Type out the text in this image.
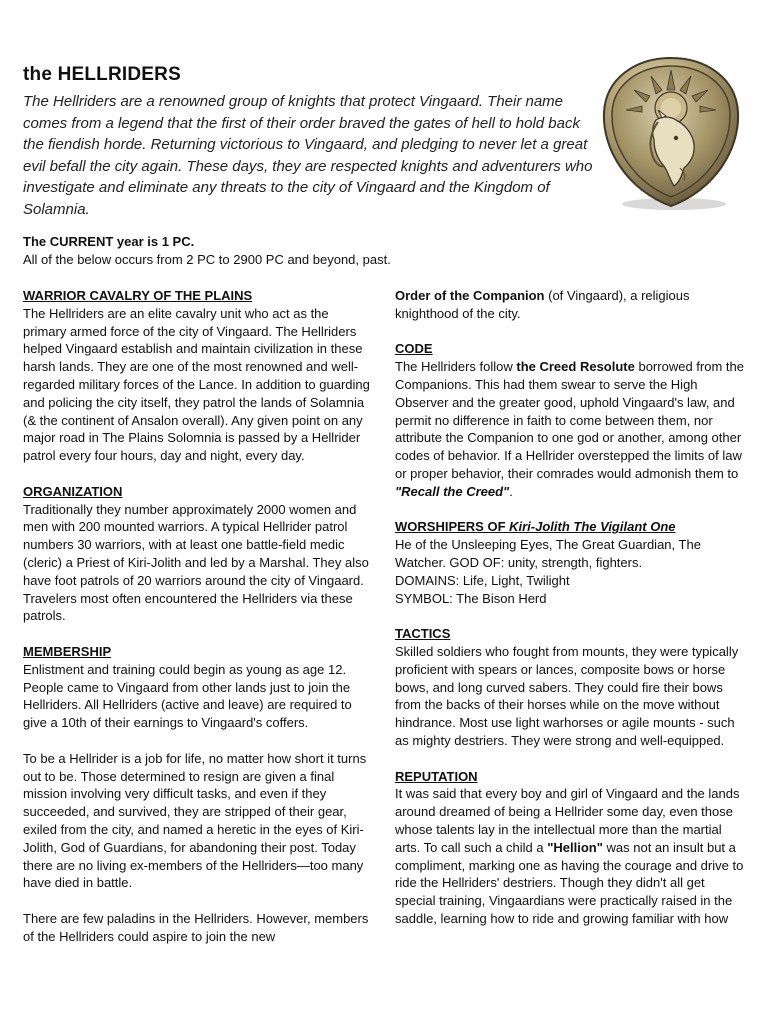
the HELLRIDERS

The Hellriders are a renowned group of knights that protect Vingaard. Their name comes from a legend that the first of their order braved the gates of hell to hold back the fiendish horde. Returning victorious to Vingaard, and pledging to never let a great evil befall the city again. These days, they are respected knights and adventurers who investigate and eliminate any threats to the city of Vingaard and the Kingdom of Solamnia.

The CURRENT year is 1 PC.
All of the below occurs from 2 PC to 2900 PC and beyond, past.
WARRIOR CAVALRY OF THE PLAINS

The Hellriders are an elite cavalry unit who act as the primary armed force of the city of Vingaard. The Hellriders helped Vingaard establish and maintain civilization in these harsh lands. They are one of the most renowned and well-regarded military forces of the Lance. In addition to guarding and policing the city itself, they patrol the lands of Solamnia (& the continent of Ansalon overall). Any given point on any major road in The Plains Solomnia is passed by a Hellrider patrol every four hours, day and night, every day.

ORGANIZATION

Traditionally they number approximately 2000 women and men with 200 mounted warriors. A typical Hellrider patrol numbers 30 warriors, with at least one battle-field medic (cleric) a Priest of Kiri-Jolith and led by a Marshal. They also have foot patrols of 20 warriors around the city of Vingaard. Travelers most often encountered the Hellriders via these patrols.

MEMBERSHIP

Enlistment and training could begin as young as age 12. People came to Vingaard from other lands just to join the Hellriders. All Hellriders (active and leave) are required to give a 10th of their earnings to Vingaard's coffers.

To be a Hellrider is a job for life, no matter how short it turns out to be. Those determined to resign are given a final mission involving very difficult tasks, and even if they succeeded, and survived, they are stripped of their gear, exiled from the city, and named a heretic in the eyes of Kiri-Jolith, God of Guardians, for abandoning their post. Today there are no living ex-members of the Hellriders—too many have died in battle.

There are few paladins in the Hellriders. However, members of the Hellriders could aspire to join the new

Order of the Companion (of Vingaard), a religious knighthood of the city.

CODE

The Hellriders follow the Creed Resolute borrowed from the Companions. This had them swear to serve the High Observer and the greater good, uphold Vingaard's law, and permit no difference in faith to come between them, nor attribute the Companion to one god or another, among other codes of behavior. If a Hellrider overstepped the limits of law or proper behavior, their comrades would admonish them to "Recall the Creed".

WORSHIPERS OF Kiri-Jolith The Vigilant One
He of the Unsleeping Eyes, The Great Guardian, The Watcher. GOD OF: unity, strength, fighters.
DOMAINS: Life, Light, Twilight

SYMBOL: The Bison Herd

TACTICS

Skilled soldiers who fought from mounts, they were typically proficient with spears or lances, composite bows or horse bows, and long curved sabers. They could fire their bows from the backs of their horses while on the move without hindrance. Most use light warhorses or agile mounts - such as mighty destriers. They were strong and well-equipped.

REPUTATION

It was said that every boy and girl of Vingaard and the lands around dreamed of being a Hellrider some day, even those whose talents lay in the intellectual more than the martial arts. To call such a child a "Hellion" was not an insult but a compliment, marking one as having the courage and drive to ride the Hellriders' destriers. Though they didn't all get special training, Vingaardians were practically raised in the saddle, learning how to ride and growing familiar with how
